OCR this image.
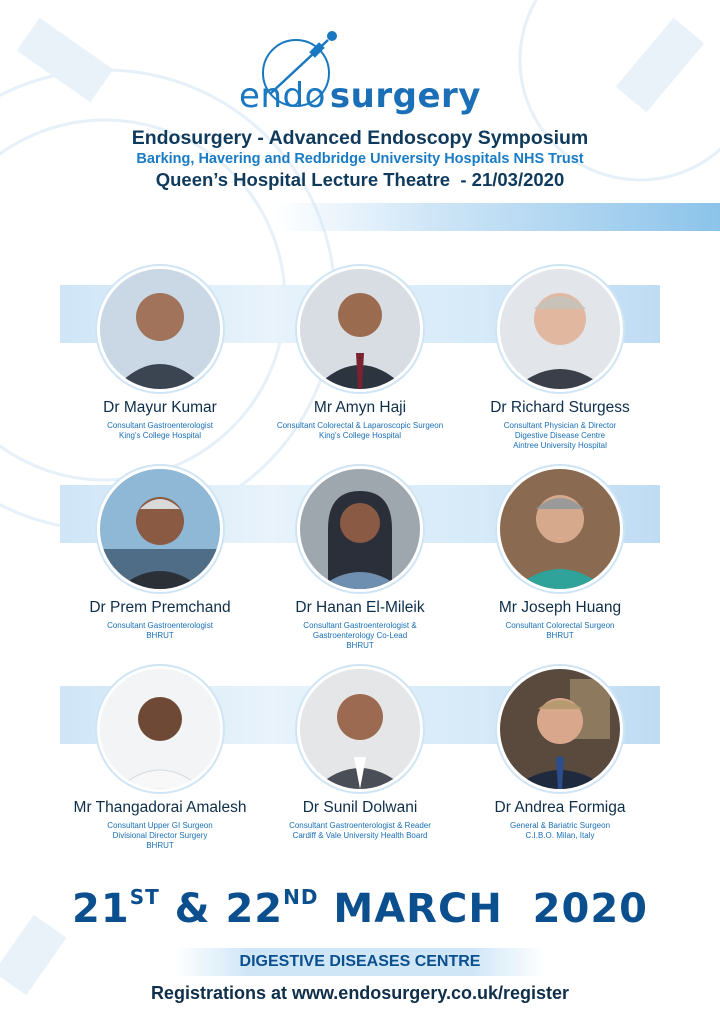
endo surgery
Endosurgery - Advanced Endoscopy Symposium
Barking, Havering and Redbridge University Hospitals NHS Trust
Queen’s Hospital Lecture Theatre  - 21/03/2020
Dr Mayur Kumar
Consultant Gastroenterologist
King's College Hospital
Mr Amyn Haji
Consultant Colorectal & Laparoscopic Surgeon
King's College Hospital
Dr Richard Sturgess
Consultant Physician & Director
Digestive Disease Centre
Aintree University Hospital
Dr Prem Premchand
Consultant Gastroenterologist
BHRUT
Dr Hanan El-Mileik
Consultant Gastroenterologist &
Gastroenterology Co-Lead
BHRUT
Mr Joseph Huang
Consultant Colorectal Surgeon
BHRUT
Mr Thangadorai Amalesh
Consultant Upper GI Surgeon
Divisional Director Surgery
BHRUT
Dr Sunil Dolwani
Consultant Gastroenterologist & Reader
Cardiff & Vale University Health Board
Dr Andrea Formiga
General & Bariatric Surgeon
C.I.B.O. Milan, Italy
21ST & 22ND MARCH  2020
DIGESTIVE DISEASES CENTRE
Registrations at www.endosurgery.co.uk/register
